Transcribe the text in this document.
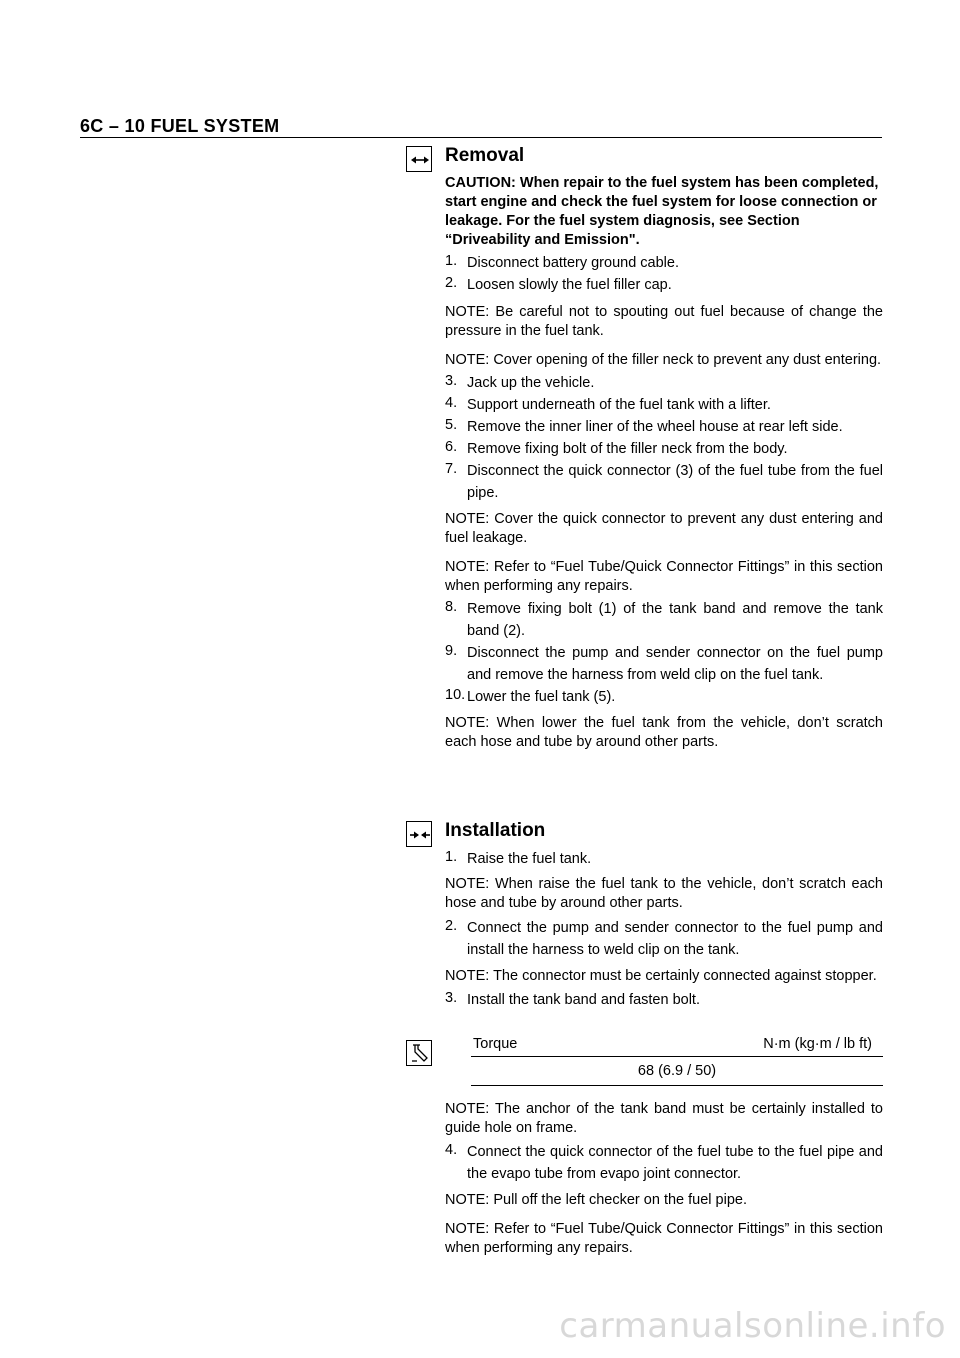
6C – 10 FUEL SYSTEM
Removal
CAUTION: When repair to the fuel system has been completed, start engine and check the fuel system for loose connection or leakage. For the fuel system diagnosis, see Section “Driveability and Emission".
1. Disconnect battery ground cable.
2. Loosen slowly the fuel filler cap.
NOTE: Be careful not to spouting out fuel because of change the pressure in the fuel tank.
NOTE: Cover opening of the filler neck to prevent any dust entering.
3. Jack up the vehicle.
4. Support underneath of the fuel tank with a lifter.
5. Remove the inner liner of the wheel house at rear left side.
6. Remove fixing bolt of the filler neck from the body.
7. Disconnect the quick connector (3) of the fuel tube from the fuel pipe.
NOTE: Cover the quick connector to prevent any dust entering and fuel leakage.
NOTE: Refer to “Fuel Tube/Quick Connector Fittings” in this section when performing any repairs.
8. Remove fixing bolt (1) of the tank band and remove the tank band (2).
9. Disconnect the pump and sender connector on the fuel pump and remove the harness from weld clip on the fuel tank.
10. Lower the fuel tank (5).
NOTE: When lower the fuel tank from the vehicle, don’t scratch each hose and tube by around other parts.
Installation
1. Raise the fuel tank.
NOTE: When raise the fuel tank to the vehicle, don’t scratch each hose and tube by around other parts.
2. Connect the pump and sender connector to the fuel pump and install the harness to weld clip on the tank.
NOTE: The connector must be certainly connected against stopper.
3. Install the tank band and fasten bolt.
Torque	N·m (kg·m / lb ft)
68 (6.9 / 50)
NOTE: The anchor of the tank band must be certainly installed to guide hole on frame.
4. Connect the quick connector of the fuel tube to the fuel pipe and the evapo tube from evapo joint connector.
NOTE: Pull off the left checker on the fuel pipe.
NOTE: Refer to “Fuel Tube/Quick Connector Fittings” in this section when performing any repairs.
carmanualsonline.info
